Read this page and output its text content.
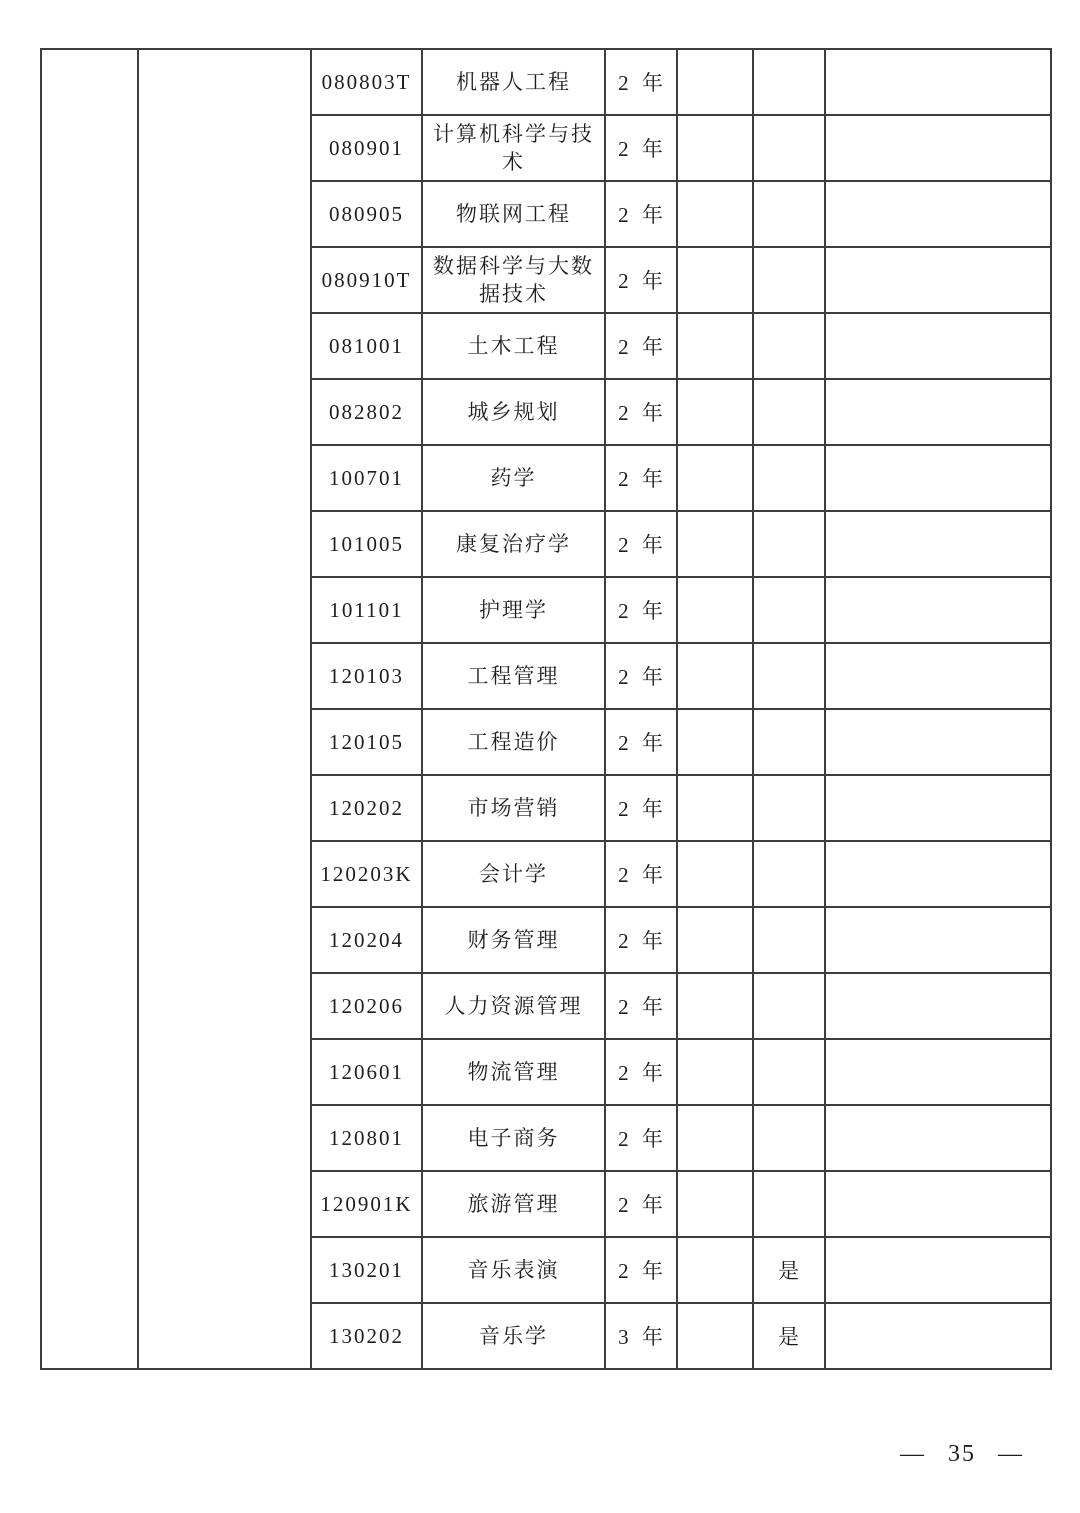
		080803T	机器人工程	2 年			
		080901	计算机科学与技术	2 年			
		080905	物联网工程	2 年			
		080910T	数据科学与大数据技术	2 年			
		081001	土木工程	2 年			
		082802	城乡规划	2 年			
		100701	药学	2 年			
		101005	康复治疗学	2 年			
		101101	护理学	2 年			
		120103	工程管理	2 年			
		120105	工程造价	2 年			
		120202	市场营销	2 年			
		120203K	会计学	2 年			
		120204	财务管理	2 年			
		120206	人力资源管理	2 年			
		120601	物流管理	2 年			
		120801	电子商务	2 年			
		120901K	旅游管理	2 年			
		130201	音乐表演	2 年		是	
		130202	音乐学	3 年		是	
— 35 —
